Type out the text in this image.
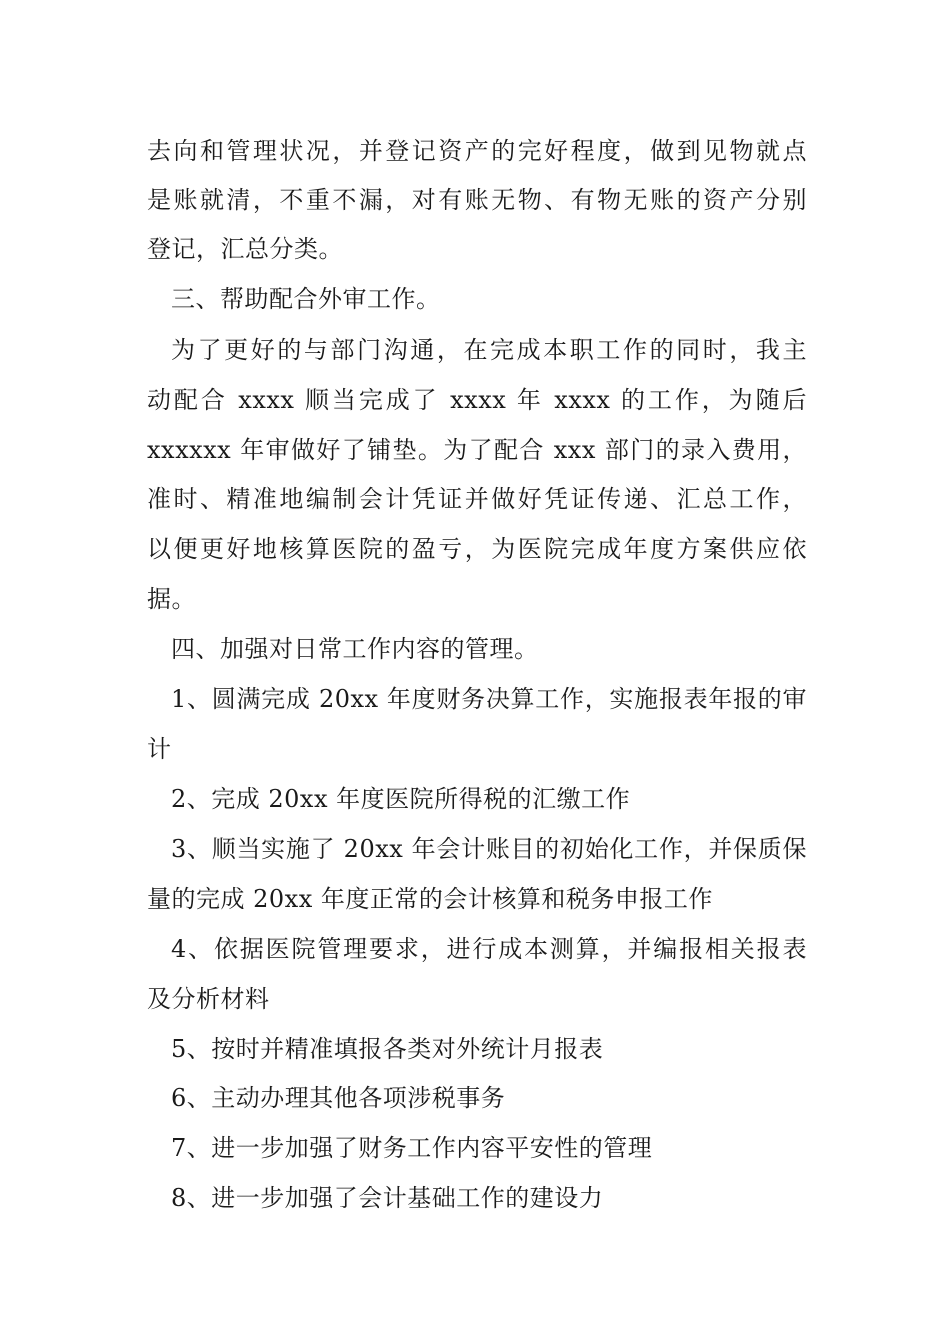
去向和管理状况，并登记资产的完好程度，做到见物就点
是账就清，不重不漏，对有账无物、有物无账的资产分别
登记，汇总分类。
三、帮助配合外审工作。
为了更好的与部门沟通，在完成本职工作的同时，我主
动配合 xxxx 顺当完成了 xxxx 年 xxxx 的工作，为随后
xxxxxx 年审做好了铺垫。为了配合 xxx 部门的录入费用，
准时、精准地编制会计凭证并做好凭证传递、汇总工作，
以便更好地核算医院的盈亏，为医院完成年度方案供应依
据。
四、加强对日常工作内容的管理。
1、圆满完成 20xx 年度财务决算工作，实施报表年报的审
计
2、完成 20xx 年度医院所得税的汇缴工作
3、顺当实施了 20xx 年会计账目的初始化工作，并保质保
量的完成 20xx 年度正常的会计核算和税务申报工作
4、依据医院管理要求，进行成本测算，并编报相关报表
及分析材料
5、按时并精准填报各类对外统计月报表
6、主动办理其他各项涉税事务
7、进一步加强了财务工作内容平安性的管理
8、进一步加强了会计基础工作的建设力
